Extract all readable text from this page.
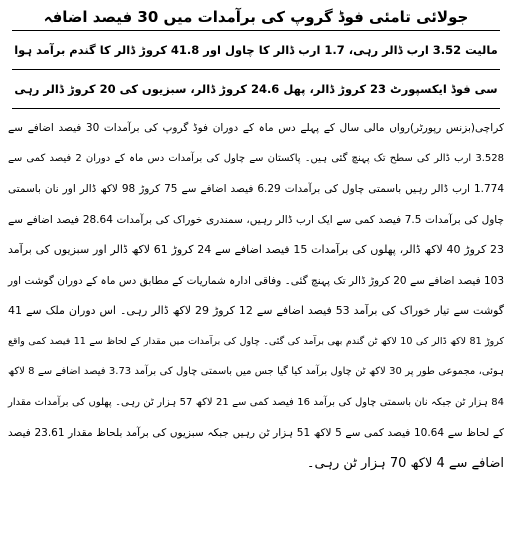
جولائی تامئی فوڈ گروپ کی برآمدات میں 30 فیصد اضافہ
مالیت 3.52 ارب ڈالر رہی، 1.7 ارب ڈالر کا چاول اور 41.8 کروڑ ڈالر کا گندم برآمد ہوا
سی فوڈ ایکسپورٹ 23 کروڑ ڈالر، پھل 24.6 کروڑ ڈالر، سبزیوں کی 20 کروڑ ڈالر رہی
کراچی(بزنس رپورٹر)رواں مالی سال کے پہلے دس ماہ کے دوران فوڈ گروپ کی برآمدات 30 فیصد اضافے سے
3.528 ارب ڈالر کی سطح تک پہنچ گئی ہیں۔ پاکستان سے چاول کی برآمدات دس ماہ کے دوران 2 فیصد کمی سے
1.774 ارب ڈالر رہیں باسمتی چاول کی برآمدات 6.29 فیصد اضافے سے 75 کروڑ 98 لاکھ ڈالر اور نان باسمتی
چاول کی برآمدات 7.5 فیصد کمی سے ایک ارب ڈالر رہیں، سمندری خوراک کی برآمدات 28.64 فیصد اضافے سے
23 کروڑ 40 لاکھ ڈالر، پھلوں کی برآمدات 15 فیصد اضافے سے 24 کروڑ 61 لاکھ ڈالر اور سبزیوں کی برآمد
103 فیصد اضافے سے 20 کروڑ ڈالر تک پہنچ گئی۔ وفاقی ادارہ شماریات کے مطابق دس ماہ کے دوران گوشت اور
گوشت سے تیار خوراک کی برآمد 53 فیصد اضافے سے 12 کروڑ 29 لاکھ ڈالر رہی۔ اس دوران ملک سے 41
کروڑ 81 لاکھ ڈالر کی 10 لاکھ ٹن گندم بھی برآمد کی گئی۔ چاول کی برآمدات میں مقدار کے لحاظ سے 11 فیصد کمی واقع
ہوئی، مجموعی طور پر 30 لاکھ ٹن چاول برآمد کیا گیا جس میں باسمتی چاول کی برآمد 3.73 فیصد اضافے سے 8 لاکھ
84 ہزار ٹن جبکہ نان باسمتی چاول کی برآمد 16 فیصد کمی سے 21 لاکھ 57 ہزار ٹن رہی۔ پھلوں کی برآمدات مقدار
کے لحاظ سے 10.64 فیصد کمی سے 5 لاکھ 51 ہزار ٹن رہیں جبکہ سبزیوں کی برآمد بلحاظ مقدار 23.61 فیصد
اضافے سے 4 لاکھ 70 ہزار ٹن رہی۔
